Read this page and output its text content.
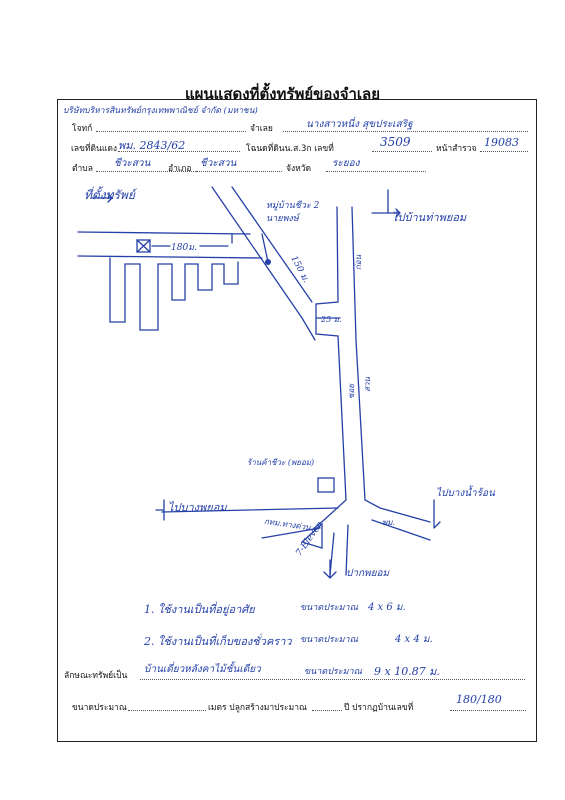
แผนแสดงที่ตั้งทรัพย์ของจำเลย
บริษัทบริหารสินทรัพย์กรุงเทพพาณิชย์ จำกัด (มหาชน)
โจทก์	จำเลย	นางสาวหนี่ง สุขประเสริฐ
เลขที่ดินแดง พม. 2843/62	โฉนดที่ดินน.ส.3ก เลขที่	3509	หน้าสำรวจ 19083
ตำบล ชีวะสวน อำเภอ ชีวะสวน	จังหวัด ระยอง
ที่ตั้งทรัพย์
180ม.
หมู่บ้านชีวะ 2 นายพงษ์	ไปบ้านท่าพยอม
150 ม.
25 ม.
ก่อน
ซอย สวน
ร้านค้าชีวะ (พยอม)
ไปบางพยอม
ไปบางน้ำร้อน
กทม.ทางด่วน	พม.
7-Eleven
ปากพยอม
1. ใช้งานเป็นที่อยู่อาศัย	ขนาดประมาณ 4 x 6 ม.
2. ใช้งานเป็นที่เก็บของชั่วคราว ขนาดประมาณ	4 x 4 ม.
ลักษณะทรัพย์เป็น
บ้านเดี่ยวหลังคาไม้ชั้นเดียว	ขนาดประมาณ 9 x 10.87 ม.
ขนาดประมาณ	เมตร ปลูกสร้างมาประมาณ	ปี ปรากฏบ้านเลขที่
180/180
